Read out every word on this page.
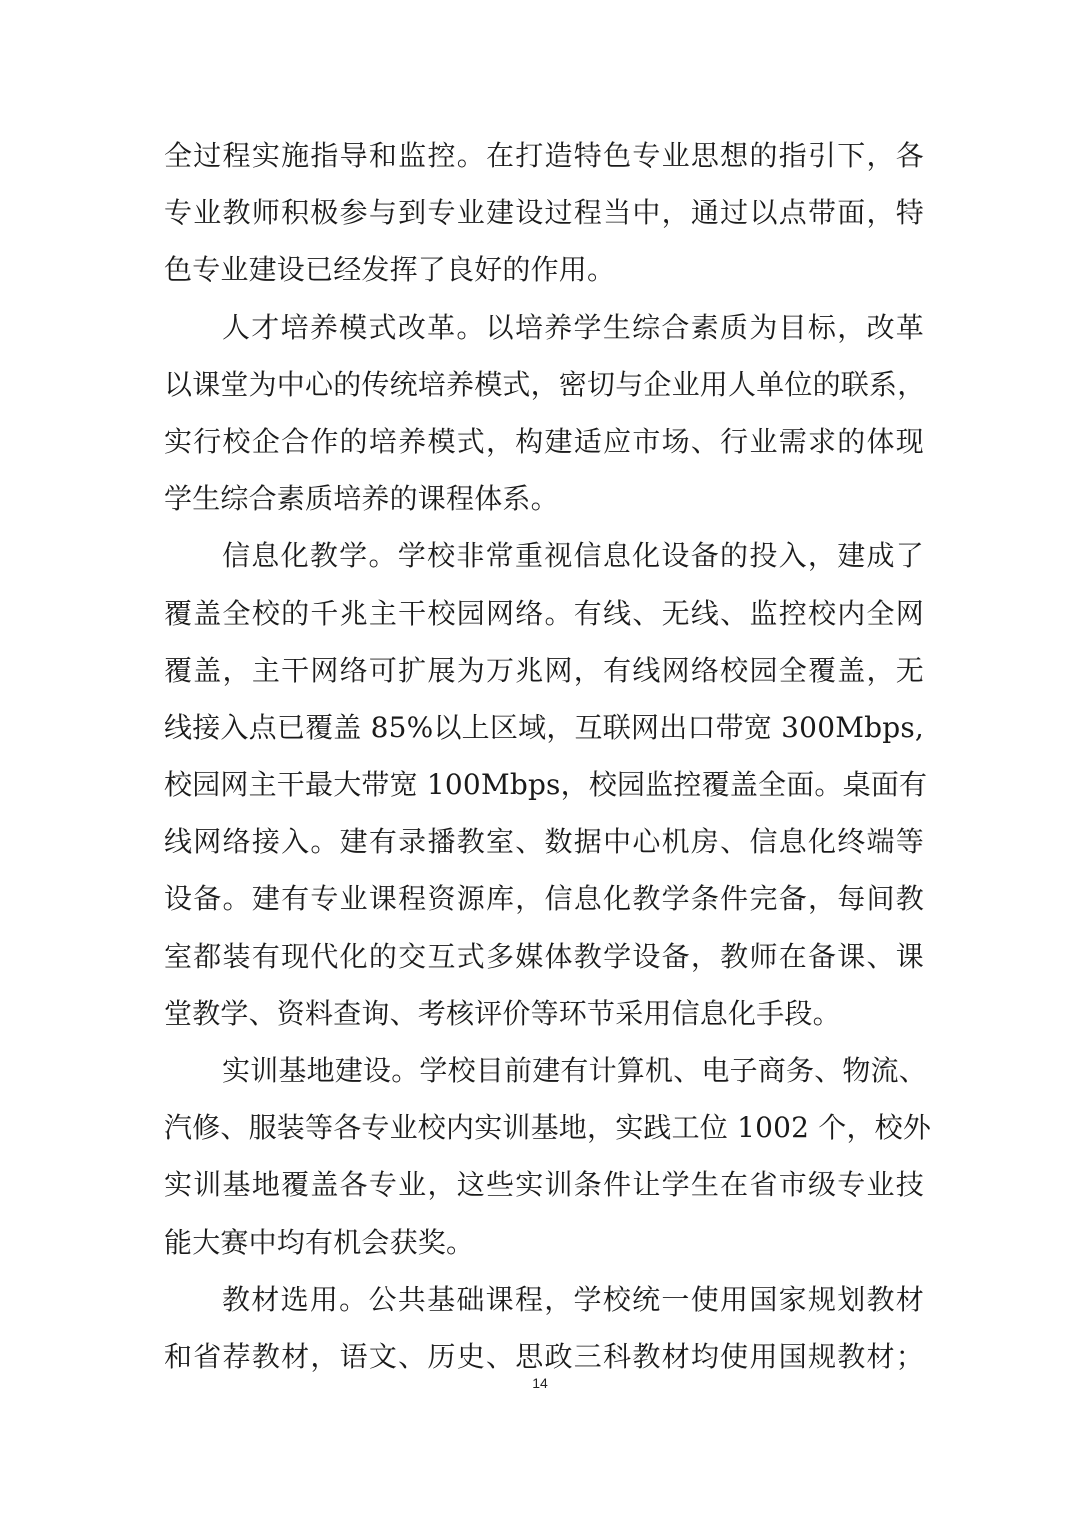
全过程实施指导和监控。在打造特色专业思想的指引下，各
专业教师积极参与到专业建设过程当中，通过以点带面，特
色专业建设已经发挥了良好的作用。
人才培养模式改革。以培养学生综合素质为目标，改革
以课堂为中心的传统培养模式，密切与企业用人单位的联系，
实行校企合作的培养模式，构建适应市场、行业需求的体现
学生综合素质培养的课程体系。
信息化教学。学校非常重视信息化设备的投入，建成了
覆盖全校的千兆主干校园网络。有线、无线、监控校内全网
覆盖，主干网络可扩展为万兆网，有线网络校园全覆盖，无
线接入点已覆盖 85%以上区域，互联网出口带宽 300Mbps,
校园网主干最大带宽 100Mbps，校园监控覆盖全面。桌面有
线网络接入。建有录播教室、数据中心机房、信息化终端等
设备。建有专业课程资源库，信息化教学条件完备，每间教
室都装有现代化的交互式多媒体教学设备，教师在备课、课
堂教学、资料查询、考核评价等环节采用信息化手段。
实训基地建设。学校目前建有计算机、电子商务、物流、
汽修、服装等各专业校内实训基地，实践工位 1002 个，校外
实训基地覆盖各专业，这些实训条件让学生在省市级专业技
能大赛中均有机会获奖。
教材选用。公共基础课程，学校统一使用国家规划教材
和省荐教材，语文、历史、思政三科教材均使用国规教材；
14
